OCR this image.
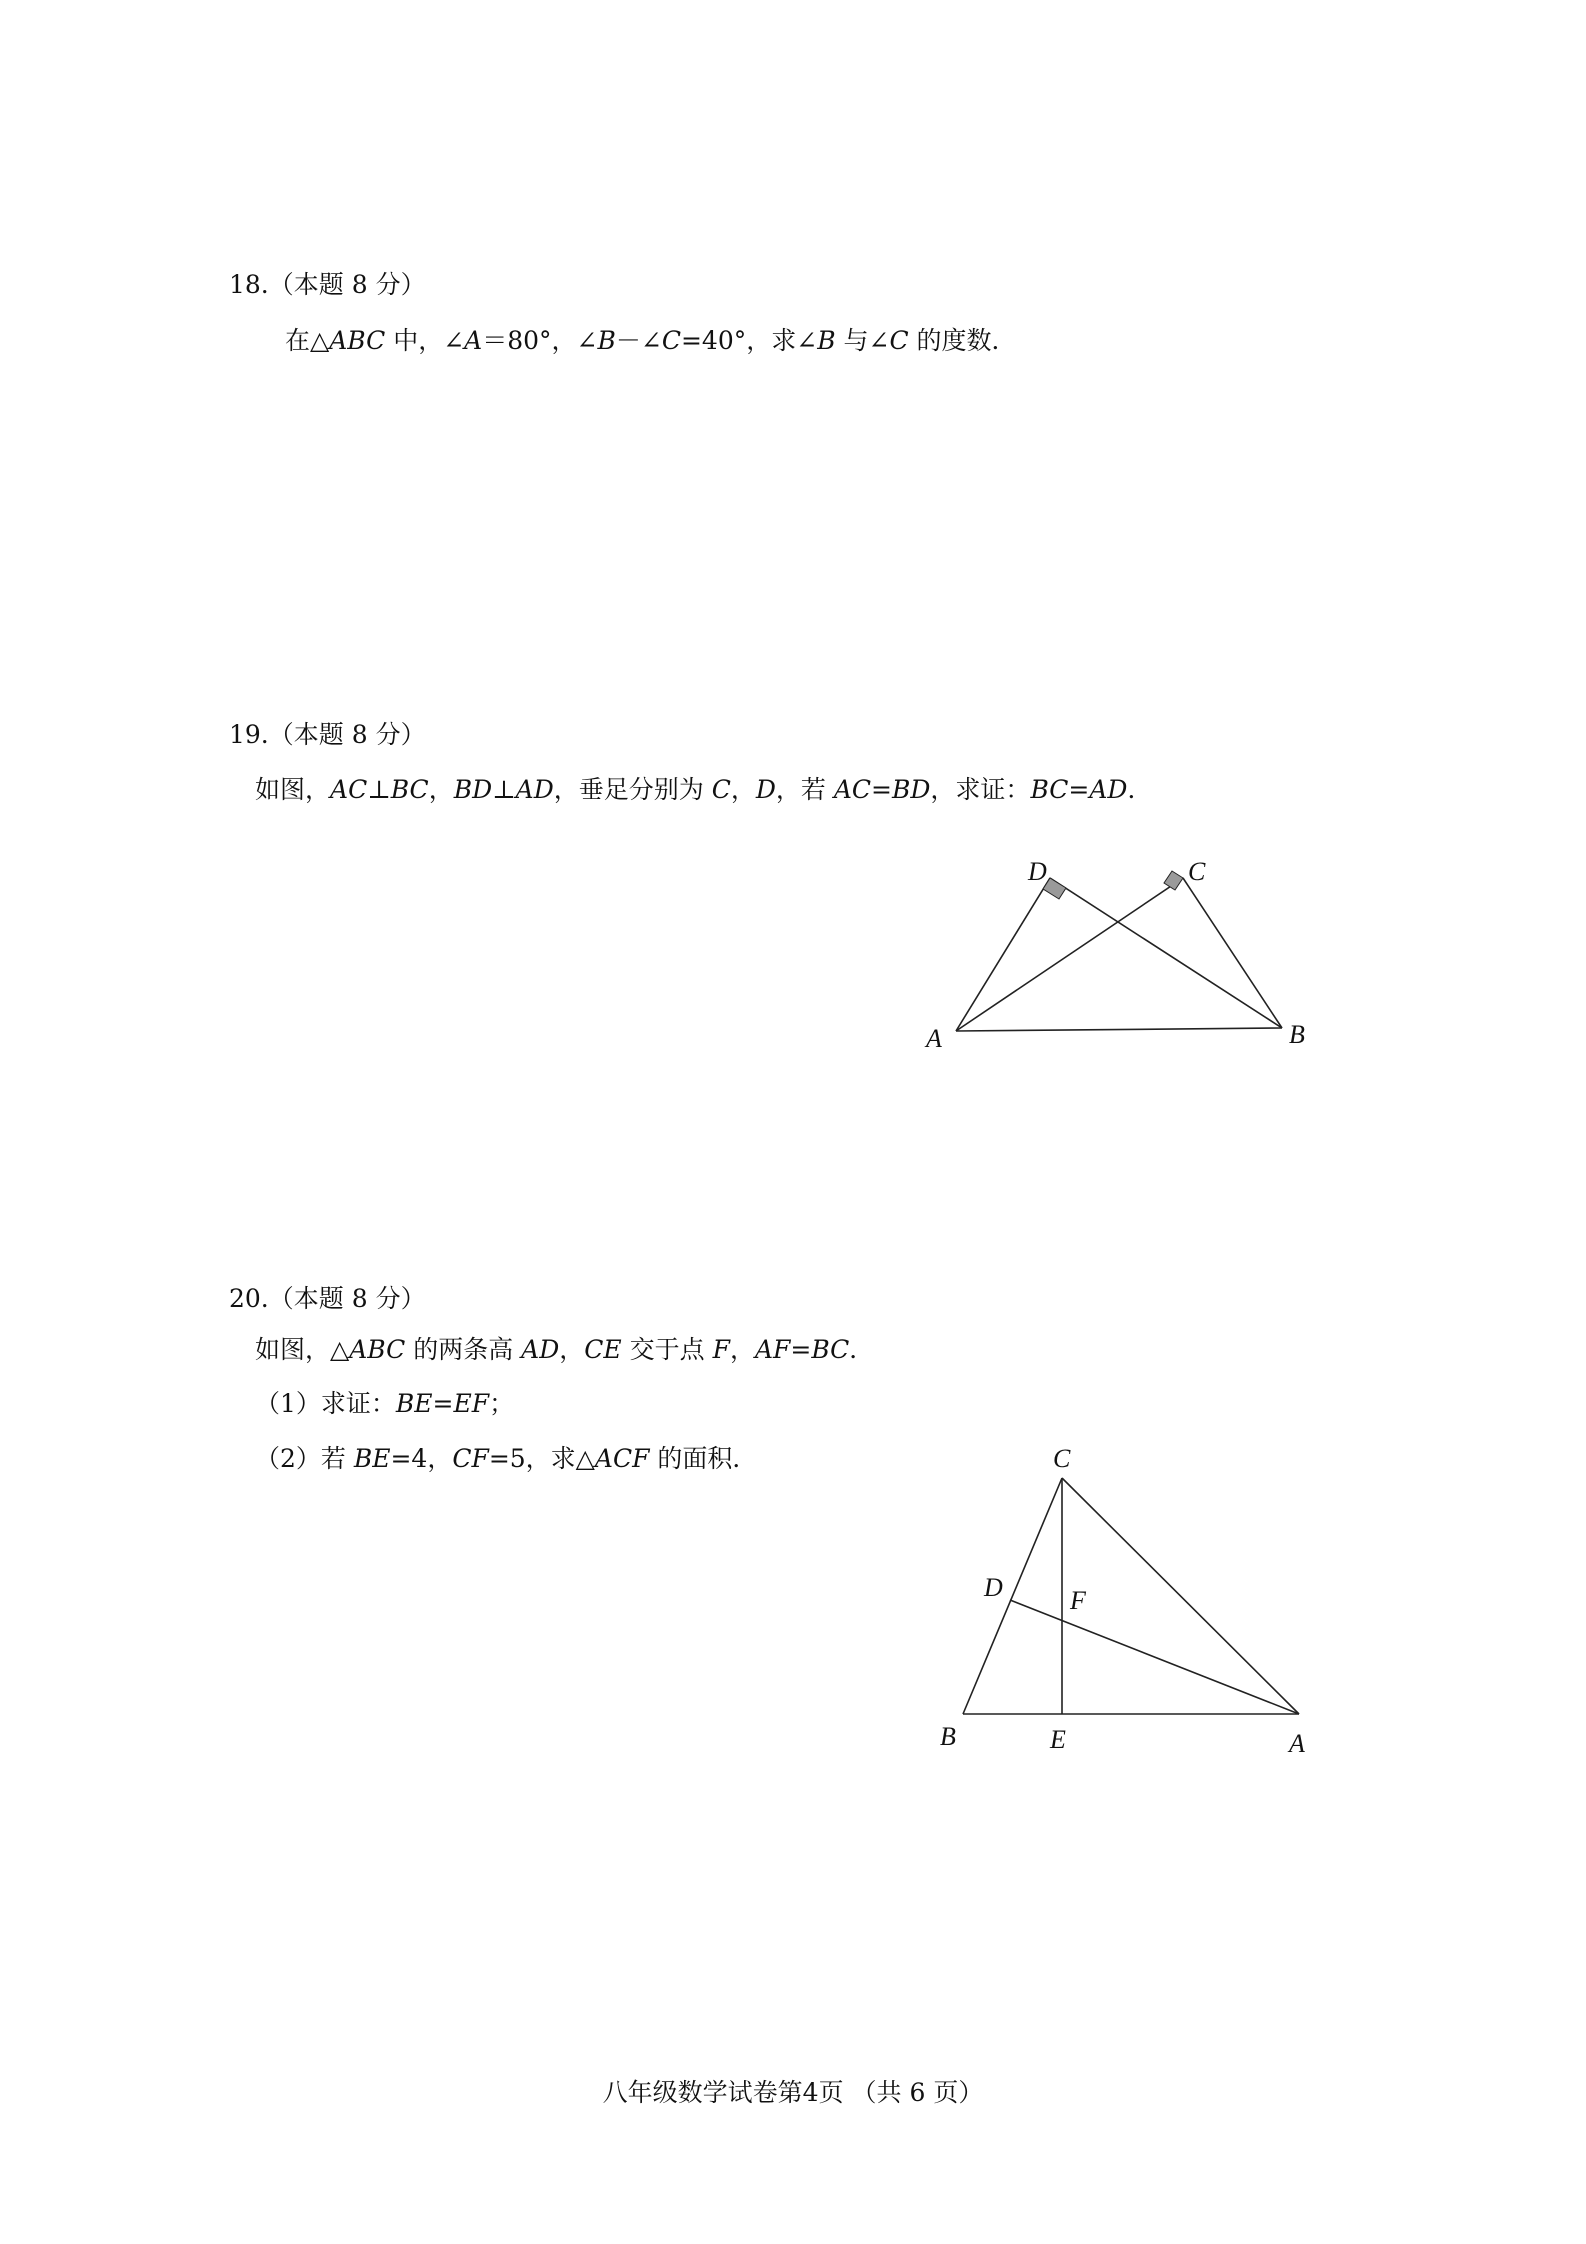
18.（本题 8 分）
在△ABC 中，∠A＝80°，∠B－∠C=40°，求∠B 与∠C 的度数．
19.（本题 8 分）
如图，AC⊥BC，BD⊥AD，垂足分别为 C，D，若 AC=BD，求证：BC=AD．
D	C
A	B
20.（本题 8 分）
如图，△ABC 的两条高 AD，CE 交于点 F，AF=BC．
（1）求证：BE=EF；
（2）若 BE=4，CF=5，求△ACF 的面积．	C
D	F
B	E	A
八年级数学试卷第4页 （共 6 页）
